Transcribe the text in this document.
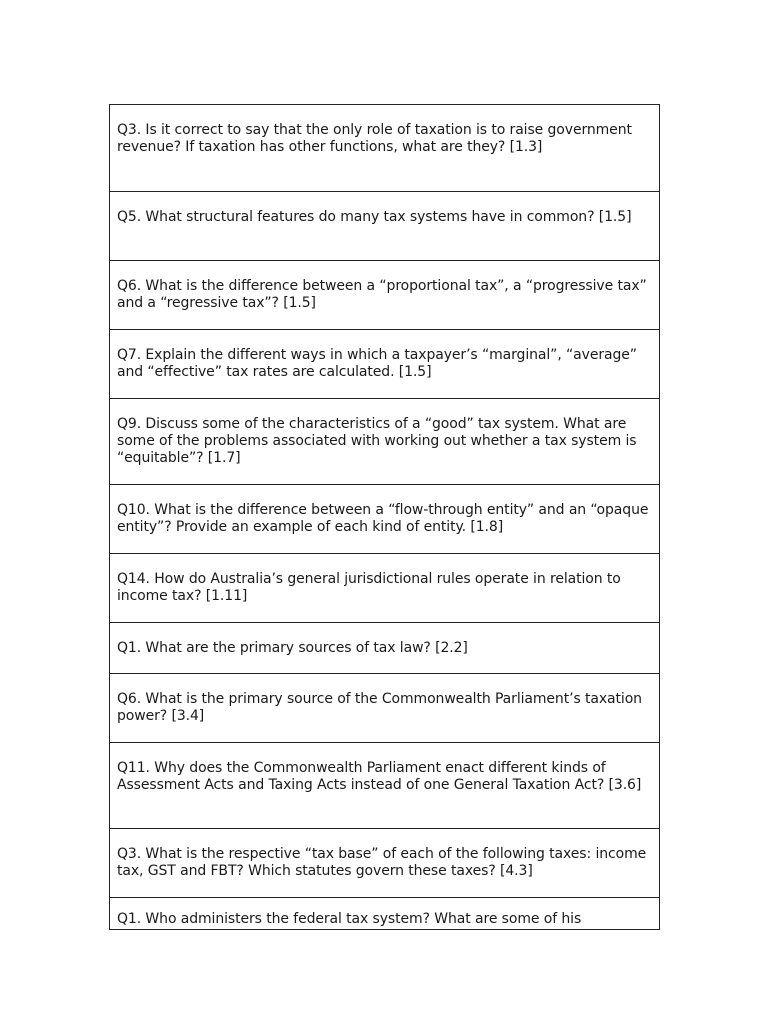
Q3. Is it correct to say that the only role of taxation is to raise government revenue? If taxation has other functions, what are they? [1.3]

Q5. What structural features do many tax systems have in common? [1.5]

Q6. What is the difference between a “proportional tax”, a “progressive tax” and a “regressive tax”? [1.5]

Q7. Explain the different ways in which a taxpayer’s “marginal”, “average” and “effective” tax rates are calculated. [1.5]

Q9. Discuss some of the characteristics of a “good” tax system. What are some of the problems associated with working out whether a tax system is “equitable”? [1.7]

Q10. What is the difference between a “flow-through entity” and an “opaque entity”? Provide an example of each kind of entity. [1.8]

Q14. How do Australia’s general jurisdictional rules operate in relation to income tax? [1.11]

Q1. What are the primary sources of tax law? [2.2]

Q6. What is the primary source of the Commonwealth Parliament’s taxation power? [3.4]

Q11. Why does the Commonwealth Parliament enact different kinds of Assessment Acts and Taxing Acts instead of one General Taxation Act? [3.6]

Q3. What is the respective “tax base” of each of the following taxes: income tax, GST and FBT? Which statutes govern these taxes? [4.3]

Q1. Who administers the federal tax system? What are some of his
